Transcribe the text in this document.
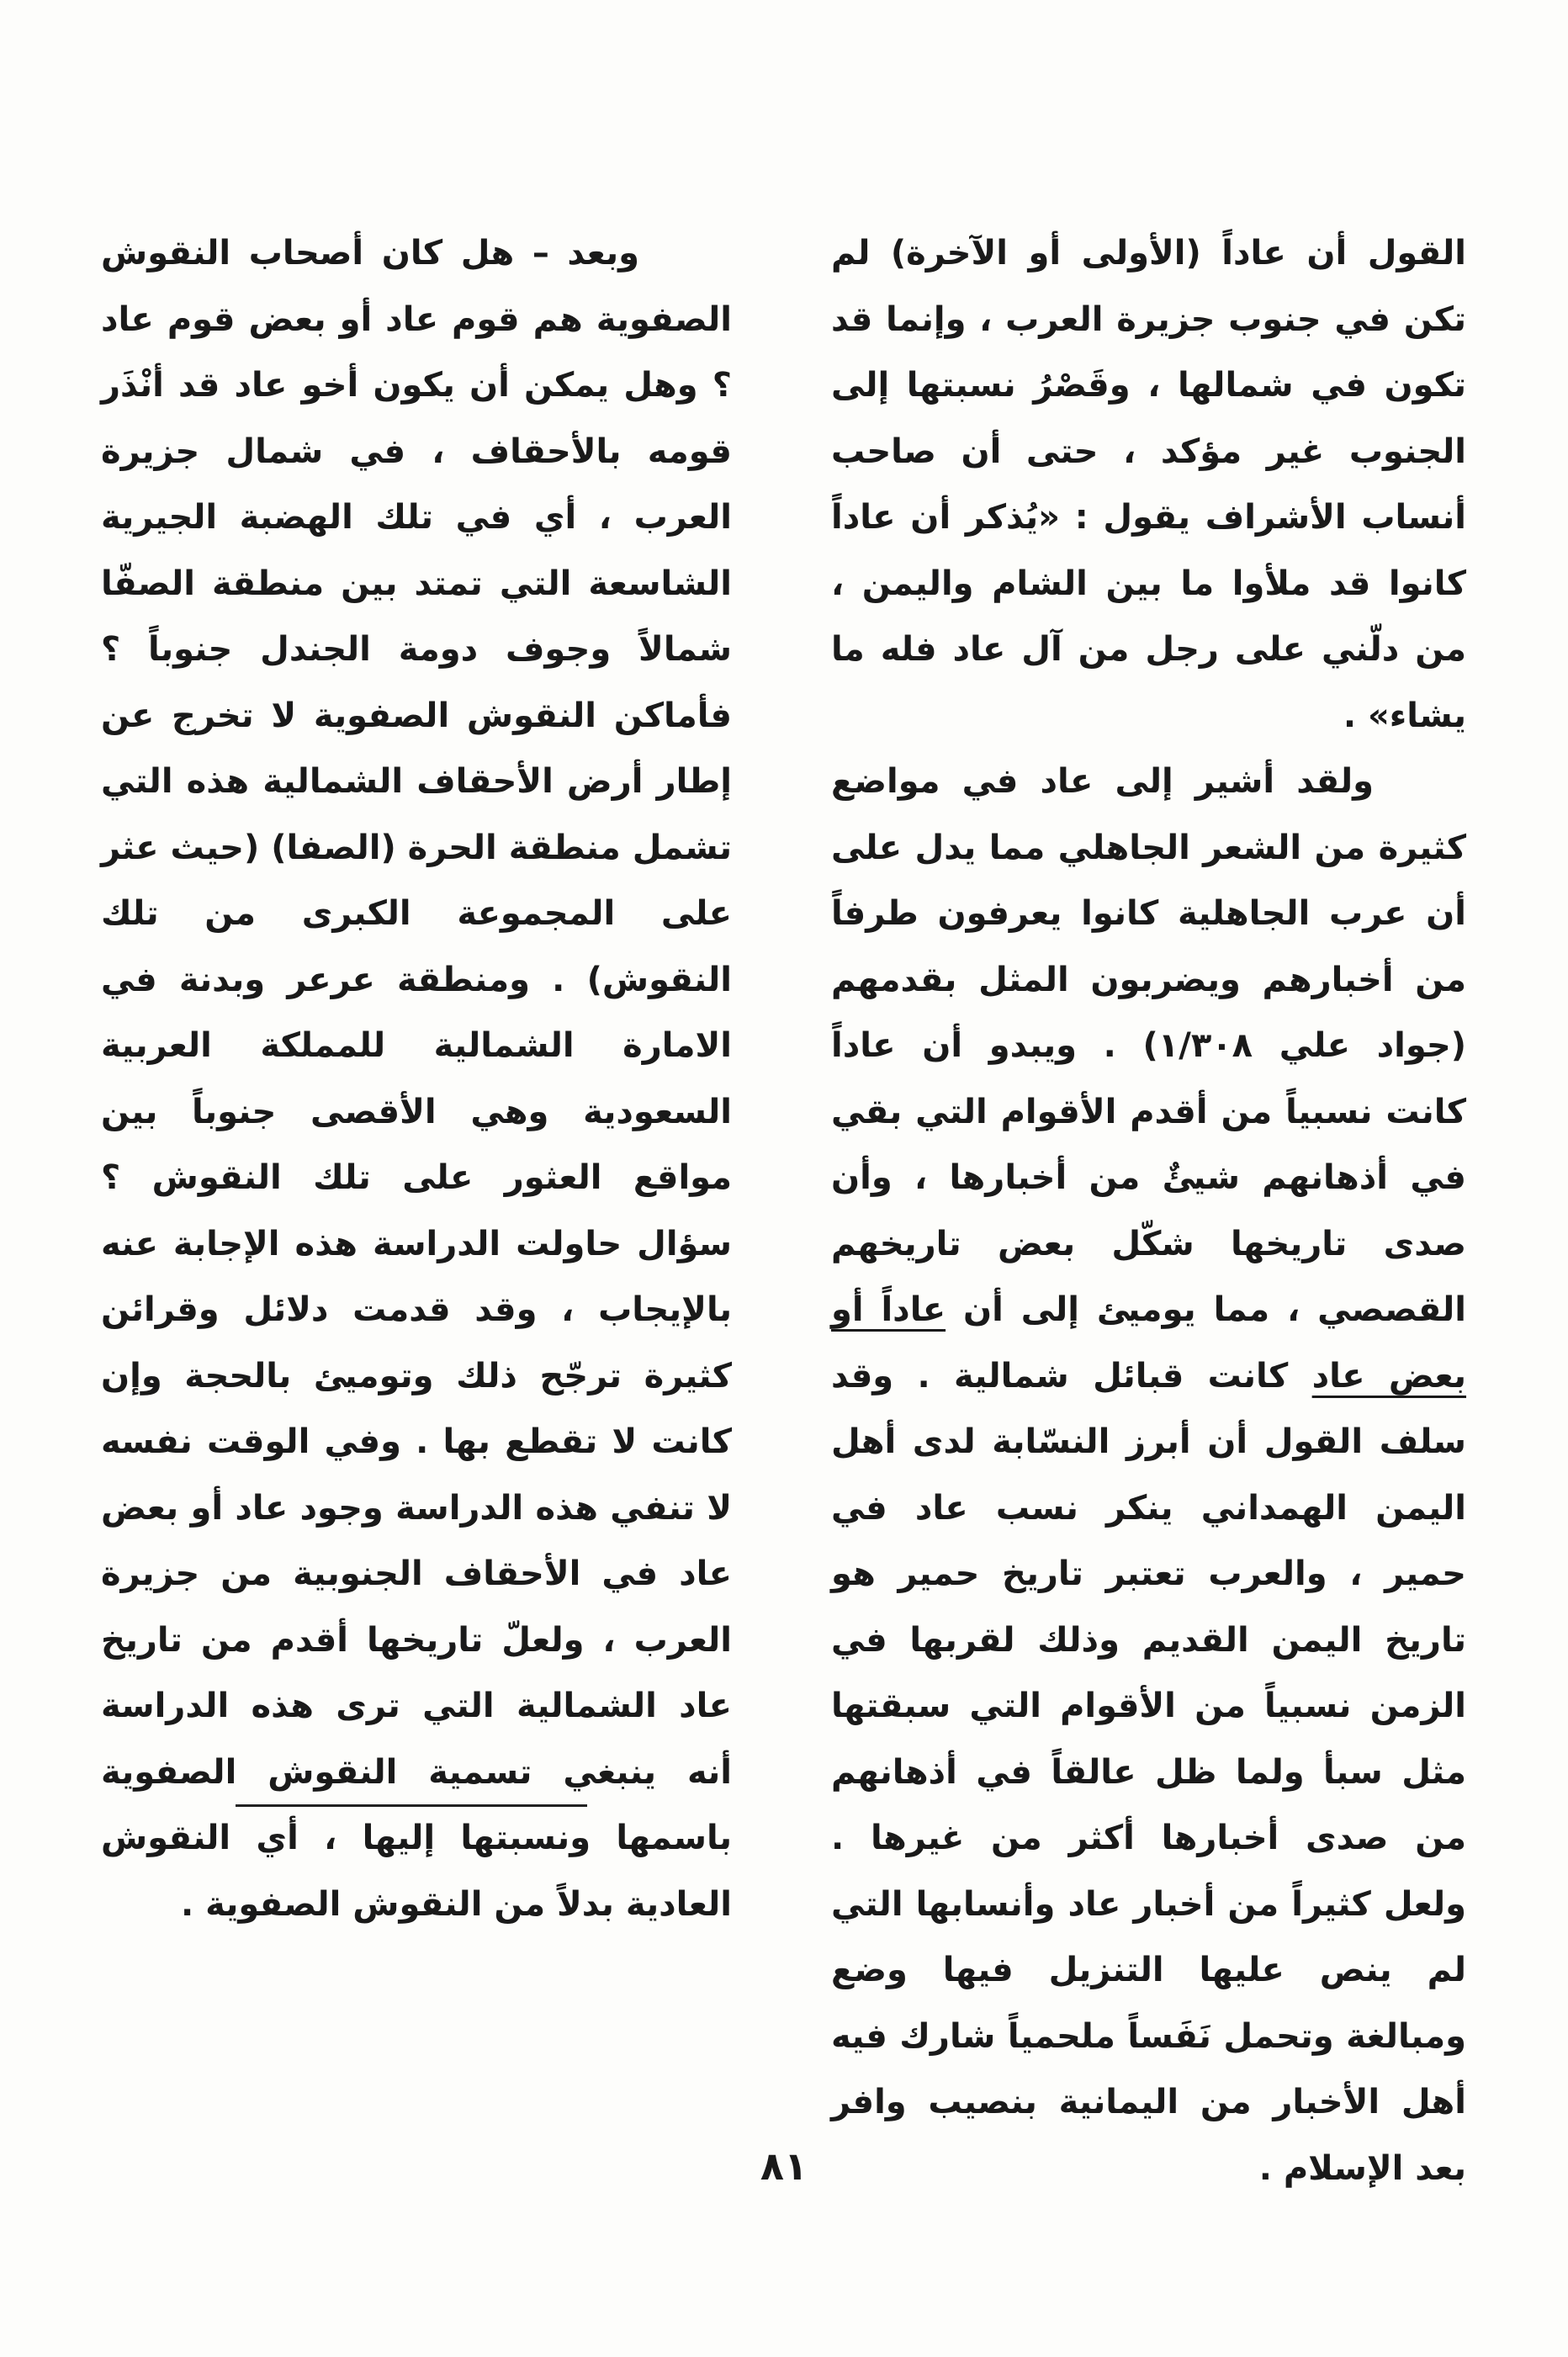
القول أن عاداً (الأولى أو الآخرة) لم تكن في جنوب جزيرة العرب ، وإنما قد تكون في شمالها ، وقَصْرُ نسبتها إلى الجنوب غير مؤكد ، حتى أن صاحب أنساب الأشراف يقول : «يُذكر أن عاداً كانوا قد ملأوا ما بين الشام واليمن ، من دلّني على رجل من آل عاد فله ما يشاء» .

ولقد أشير إلى عاد في مواضع كثيرة من الشعر الجاهلي مما يدل على أن عرب الجاهلية كانوا يعرفون طرفاً من أخبارهم ويضربون المثل بقدمهم (جواد علي ١/٣٠٨) . ويبدو أن عاداً كانت نسبياً من أقدم الأقوام التي بقي في أذهانهم شيئٌ من أخبارها ، وأن صدى تاريخها شكّل بعض تاريخهم القصصي ، مما يوميئ إلى أن عاداً أو بعض عاد كانت قبائل شمالية . وقد سلف القول أن أبرز النسّابة لدى أهل اليمن الهمداني ينكر نسب عاد في حمير ، والعرب تعتبر تاريخ حمير هو تاريخ اليمن القديم وذلك لقربها في الزمن نسبياً من الأقوام التي سبقتها مثل سبأ ولما ظل عالقاً في أذهانهم من صدى أخبارها أكثر من غيرها . ولعل كثيراً من أخبار عاد وأنسابها التي لم ينص عليها التنزيل فيها وضع ومبالغة وتحمل نَفَساً ملحمياً شارك فيه أهل الأخبار من اليمانية بنصيب وافر بعد الإسلام .

وبعد – هل كان أصحاب النقوش الصفوية هم قوم عاد أو بعض قوم عاد ؟ وهل يمكن أن يكون أخو عاد قد أنْذَر قومه بالأحقاف ، في شمال جزيرة العرب ، أي في تلك الهضبة الجيرية الشاسعة التي تمتد بين منطقة الصفّا شمالاً وجوف دومة الجندل جنوباً ؟ فأماكن النقوش الصفوية لا تخرج عن إطار أرض الأحقاف الشمالية هذه التي تشمل منطقة الحرة (الصفا) (حيث عثر على المجموعة الكبرى من تلك النقوش) . ومنطقة عرعر وبدنة في الامارة الشمالية للمملكة العربية السعودية وهي الأقصى جنوباً بين مواقع العثور على تلك النقوش ؟ سؤال حاولت الدراسة هذه الإجابة عنه بالإيجاب ، وقد قدمت دلائل وقرائن كثيرة ترجّح ذلك وتوميئ بالحجة وإن كانت لا تقطع بها . وفي الوقت نفسه لا تنفي هذه الدراسة وجود عاد أو بعض عاد في الأحقاف الجنوبية من جزيرة العرب ، ولعلّ تاريخها أقدم من تاريخ عاد الشمالية التي ترى هذه الدراسة أنه ينبغي تسمية النقوش الصفوية باسمها ونسبتها إليها ، أي النقوش العادية بدلاً من النقوش الصفوية .

٨١
